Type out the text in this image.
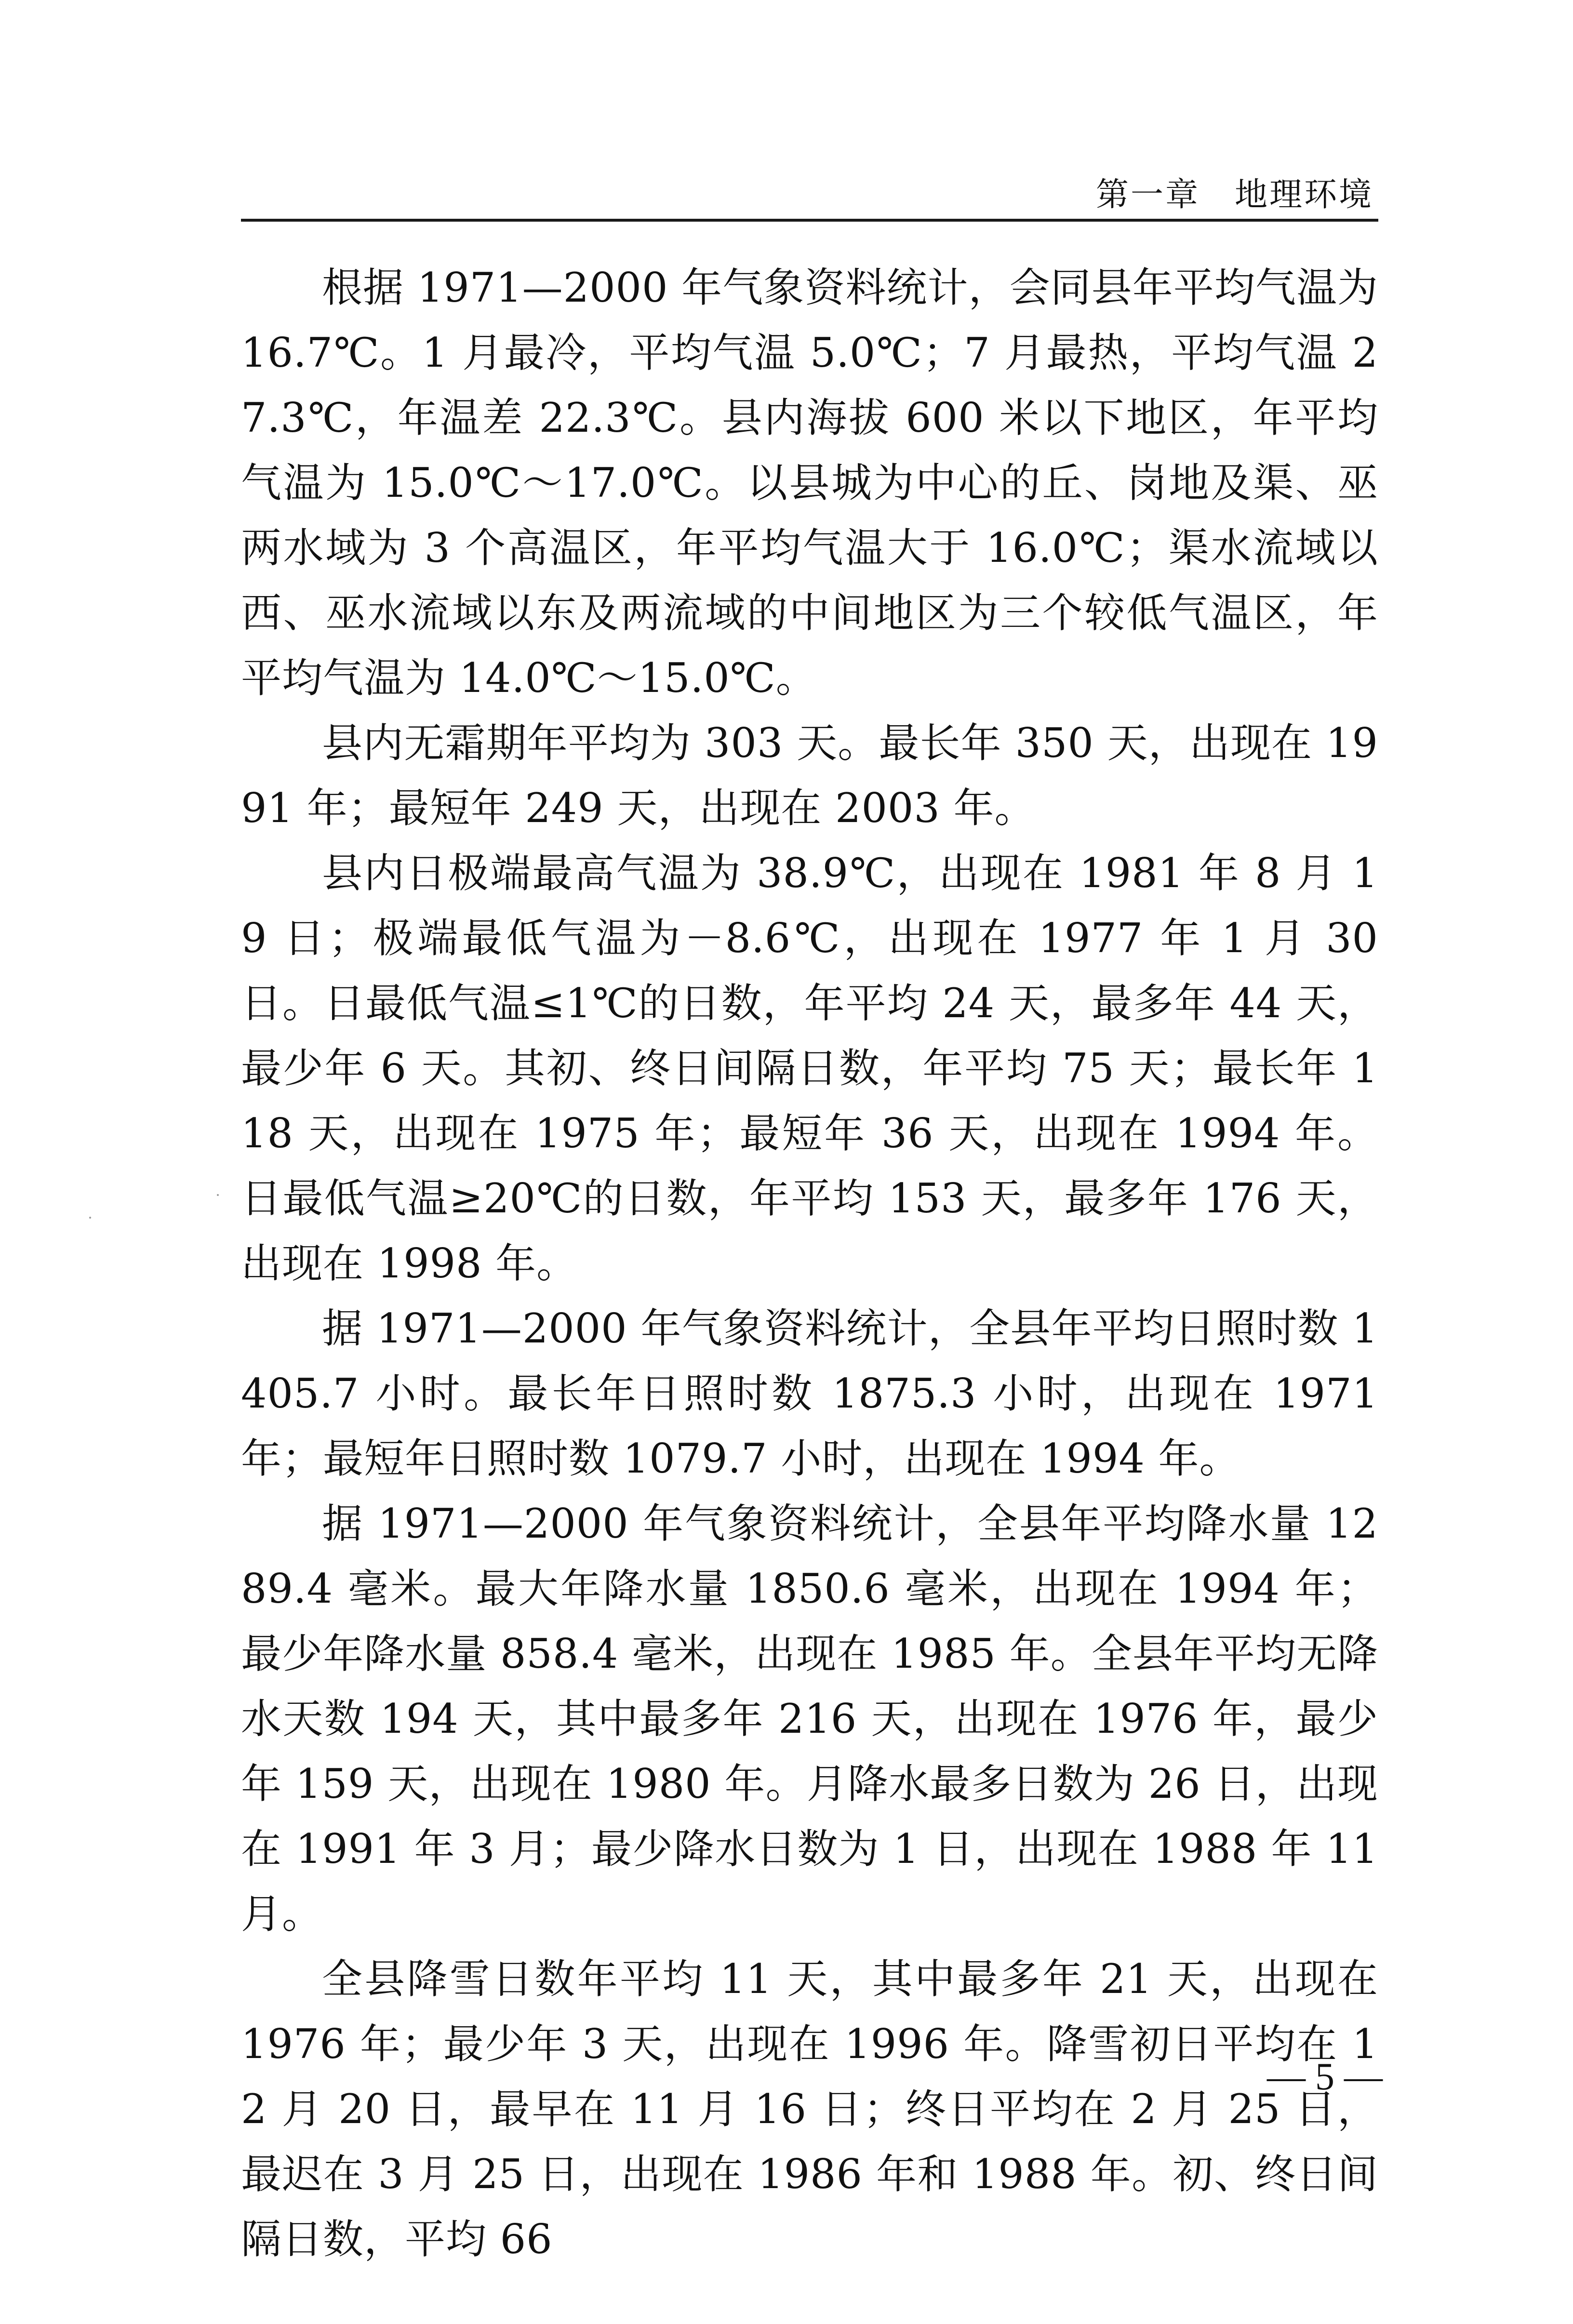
第一章　地理环境

根据 1971—2000 年气象资料统计，会同县年平均气温为 16.7℃。1 月最冷，平均气温 5.0℃；7 月最热，平均气温 27.3℃，年温差 22.3℃。县内海拔 600 米以下地区，年平均气温为 15.0℃～17.0℃。以县城为中心的丘、岗地及渠、巫两水域为 3 个高温区，年平均气温大于 16.0℃；渠水流域以西、巫水流域以东及两流域的中间地区为三个较低气温区，年平均气温为 14.0℃～15.0℃。

县内无霜期年平均为 303 天。最长年 350 天，出现在 1991 年；最短年 249 天，出现在 2003 年。

县内日极端最高气温为 38.9℃，出现在 1981 年 8 月 19 日；极端最低气温为－8.6℃，出现在 1977 年 1 月 30 日。日最低气温≤1℃的日数，年平均 24 天，最多年 44 天，最少年 6 天。其初、终日间隔日数，年平均 75 天；最长年 118 天，出现在 1975 年；最短年 36 天，出现在 1994 年。日最低气温≥20℃的日数，年平均 153 天，最多年 176 天，出现在 1998 年。

据 1971—2000 年气象资料统计，全县年平均日照时数 1405.7 小时。最长年日照时数 1875.3 小时，出现在 1971 年；最短年日照时数 1079.7 小时，出现在 1994 年。

据 1971—2000 年气象资料统计，全县年平均降水量 1289.4 毫米。最大年降水量 1850.6 毫米，出现在 1994 年；最少年降水量 858.4 毫米，出现在 1985 年。全县年平均无降水天数 194 天，其中最多年 216 天，出现在 1976 年，最少年 159 天，出现在 1980 年。月降水最多日数为 26 日，出现在 1991 年 3 月；最少降水日数为 1 日，出现在 1988 年 11 月。

全县降雪日数年平均 11 天，其中最多年 21 天，出现在 1976 年；最少年 3 天，出现在 1996 年。降雪初日平均在 12 月 20 日，最早在 11 月 16 日；终日平均在 2 月 25 日，最迟在 3 月 25 日，出现在 1986 年和 1988 年。初、终日间隔日数，平均 66

— 5 —
